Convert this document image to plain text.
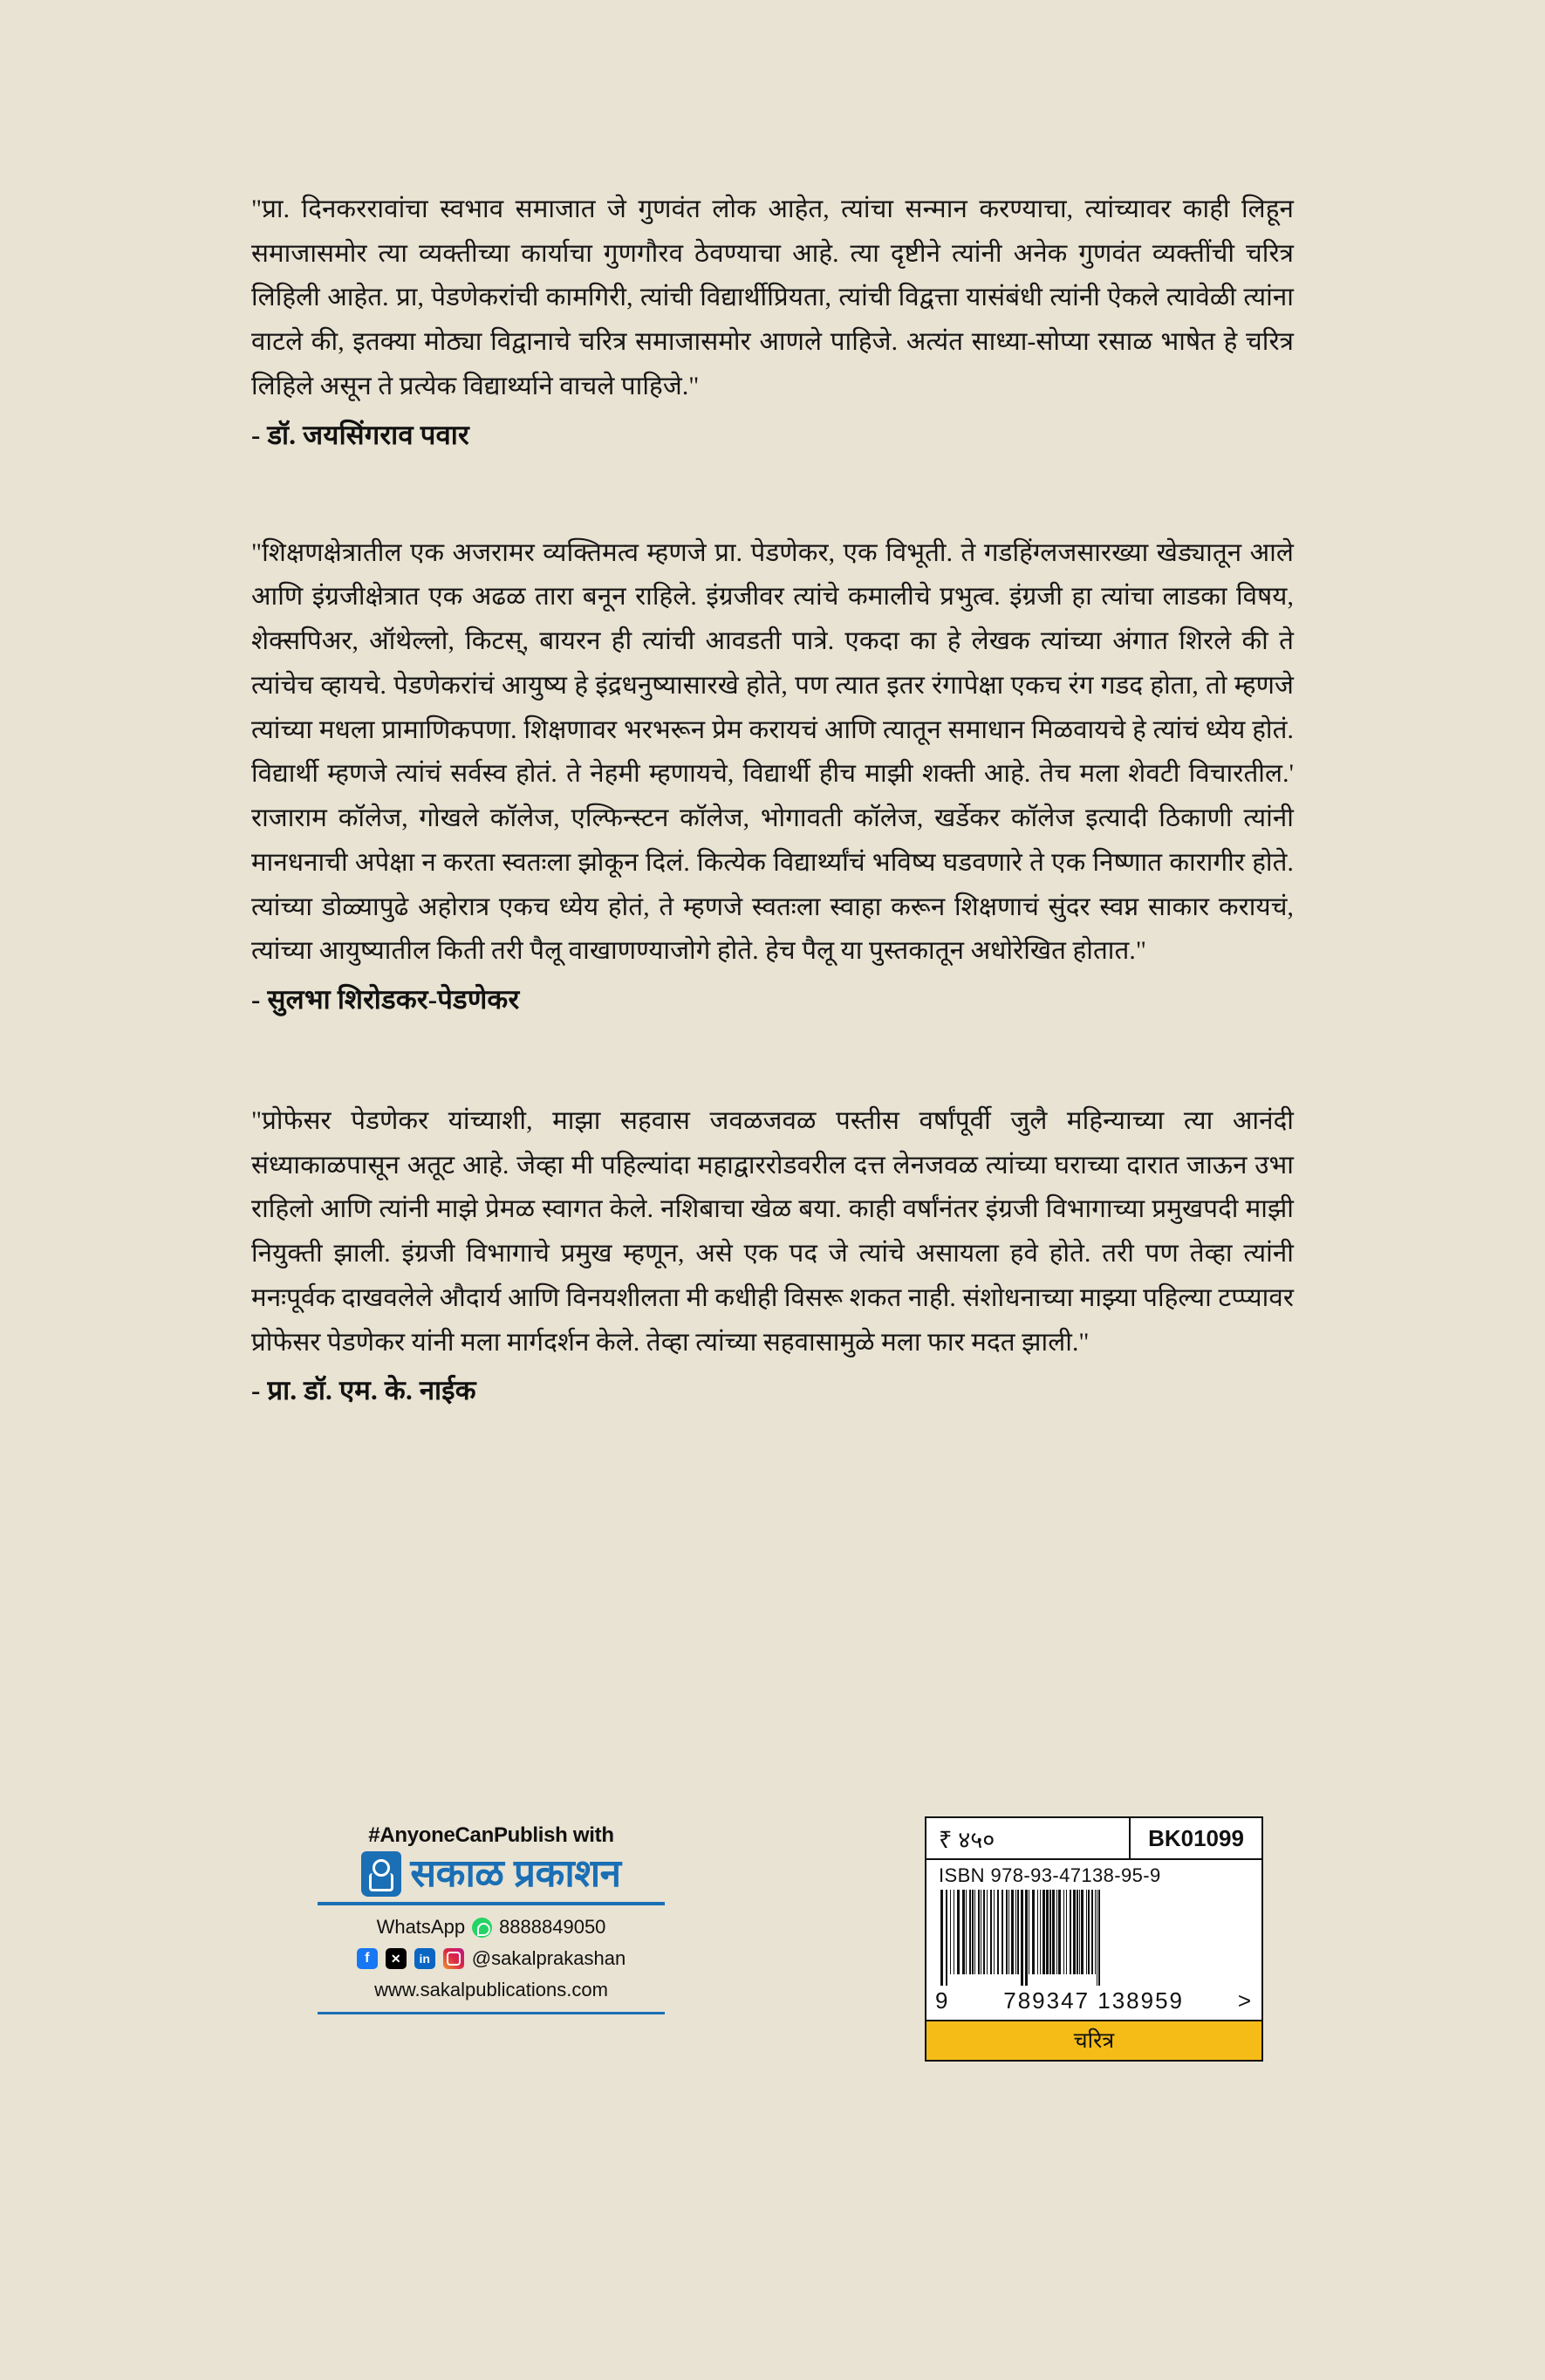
"प्रा. दिनकररावांचा स्वभाव समाजात जे गुणवंत लोक आहेत, त्यांचा सन्मान करण्याचा, त्यांच्यावर काही लिहून समाजासमोर त्या व्यक्तीच्या कार्याचा गुणगौरव ठेवण्याचा आहे. त्या दृष्टीने त्यांनी अनेक गुणवंत व्यक्तींची चरित्र लिहिली आहेत. प्रा, पेडणेकरांची कामगिरी, त्यांची विद्यार्थीप्रियता, त्यांची विद्वत्ता यासंबंधी त्यांनी ऐकले त्यावेळी त्यांना वाटले की, इतक्या मोठ्या विद्वानाचे चरित्र समाजासमोर आणले पाहिजे. अत्यंत साध्या-सोप्या रसाळ भाषेत हे चरित्र लिहिले असून ते प्रत्येक विद्यार्थ्याने वाचले पाहिजे."
- डॉ. जयसिंगराव पवार
"शिक्षणक्षेत्रातील एक अजरामर व्यक्तिमत्व म्हणजे प्रा. पेडणेकर, एक विभूती. ते गडहिंग्लजसारख्या खेड्यातून आले आणि इंग्रजीक्षेत्रात एक अढळ तारा बनून राहिले. इंग्रजीवर त्यांचे कमालीचे प्रभुत्व. इंग्रजी हा त्यांचा लाडका विषय, शेक्सपिअर, ऑथेल्लो, किटस्, बायरन ही त्यांची आवडती पात्रे. एकदा का हे लेखक त्यांच्या अंगात शिरले की ते त्यांचेच व्हायचे. पेडणेकरांचं आयुष्य हे इंद्रधनुष्यासारखे होते, पण त्यात इतर रंगापेक्षा एकच रंग गडद होता, तो म्हणजे त्यांच्या मधला प्रामाणिकपणा. शिक्षणावर भरभरून प्रेम करायचं आणि त्यातून समाधान मिळवायचे हे त्यांचं ध्येय होतं. विद्यार्थी म्हणजे त्यांचं सर्वस्व होतं. ते नेहमी म्हणायचे, विद्यार्थी हीच माझी शक्ती आहे. तेच मला शेवटी विचारतील.' राजाराम कॉलेज, गोखले कॉलेज, एल्फिन्स्टन कॉलेज, भोगावती कॉलेज, खर्डेकर कॉलेज इत्यादी ठिकाणी त्यांनी मानधनाची अपेक्षा न करता स्वतःला झोकून दिलं. कित्येक विद्यार्थ्यांचं भविष्य घडवणारे ते एक निष्णात कारागीर होते. त्यांच्या डोळ्यापुढे अहोरात्र एकच ध्येय होतं, ते म्हणजे स्वतःला स्वाहा करून शिक्षणाचं सुंदर स्वप्न साकार करायचं, त्यांच्या आयुष्यातील किती तरी पैलू वाखाणण्याजोगे होते. हेच पैलू या पुस्तकातून अधोरेखित होतात."
- सुलभा शिरोडकर-पेडणेकर
"प्रोफेसर पेडणेकर यांच्याशी, माझा सहवास जवळजवळ पस्तीस वर्षांपूर्वी जुलै महिन्याच्या त्या आनंदी संध्याकाळपासून अतूट आहे. जेव्हा मी पहिल्यांदा महाद्वाररोडवरील दत्त लेनजवळ त्यांच्या घराच्या दारात जाऊन उभा राहिलो आणि त्यांनी माझे प्रेमळ स्वागत केले. नशिबाचा खेळ बया. काही वर्षांनंतर इंग्रजी विभागाच्या प्रमुखपदी माझी नियुक्ती झाली. इंग्रजी विभागाचे प्रमुख म्हणून, असे एक पद जे त्यांचे असायला हवे होते. तरी पण तेव्हा त्यांनी मनःपूर्वक दाखवलेले औदार्य आणि विनयशीलता मी कधीही विसरू शकत नाही. संशोधनाच्या माझ्या पहिल्या टप्प्यावर प्रोफेसर पेडणेकर यांनी मला मार्गदर्शन केले. तेव्हा त्यांच्या सहवासामुळे मला फार मदत झाली."
- प्रा. डॉ. एम. के. नाईक
#AnyoneCanPublish with
सकाळ प्रकाशन
WhatsApp 8888849050
f	✕	in @sakalprakashan
www.sakalpublications.com
₹ ४५०	BK01099
ISBN 978-93-47138-95-9
9 789347 138959 >
चरित्र
